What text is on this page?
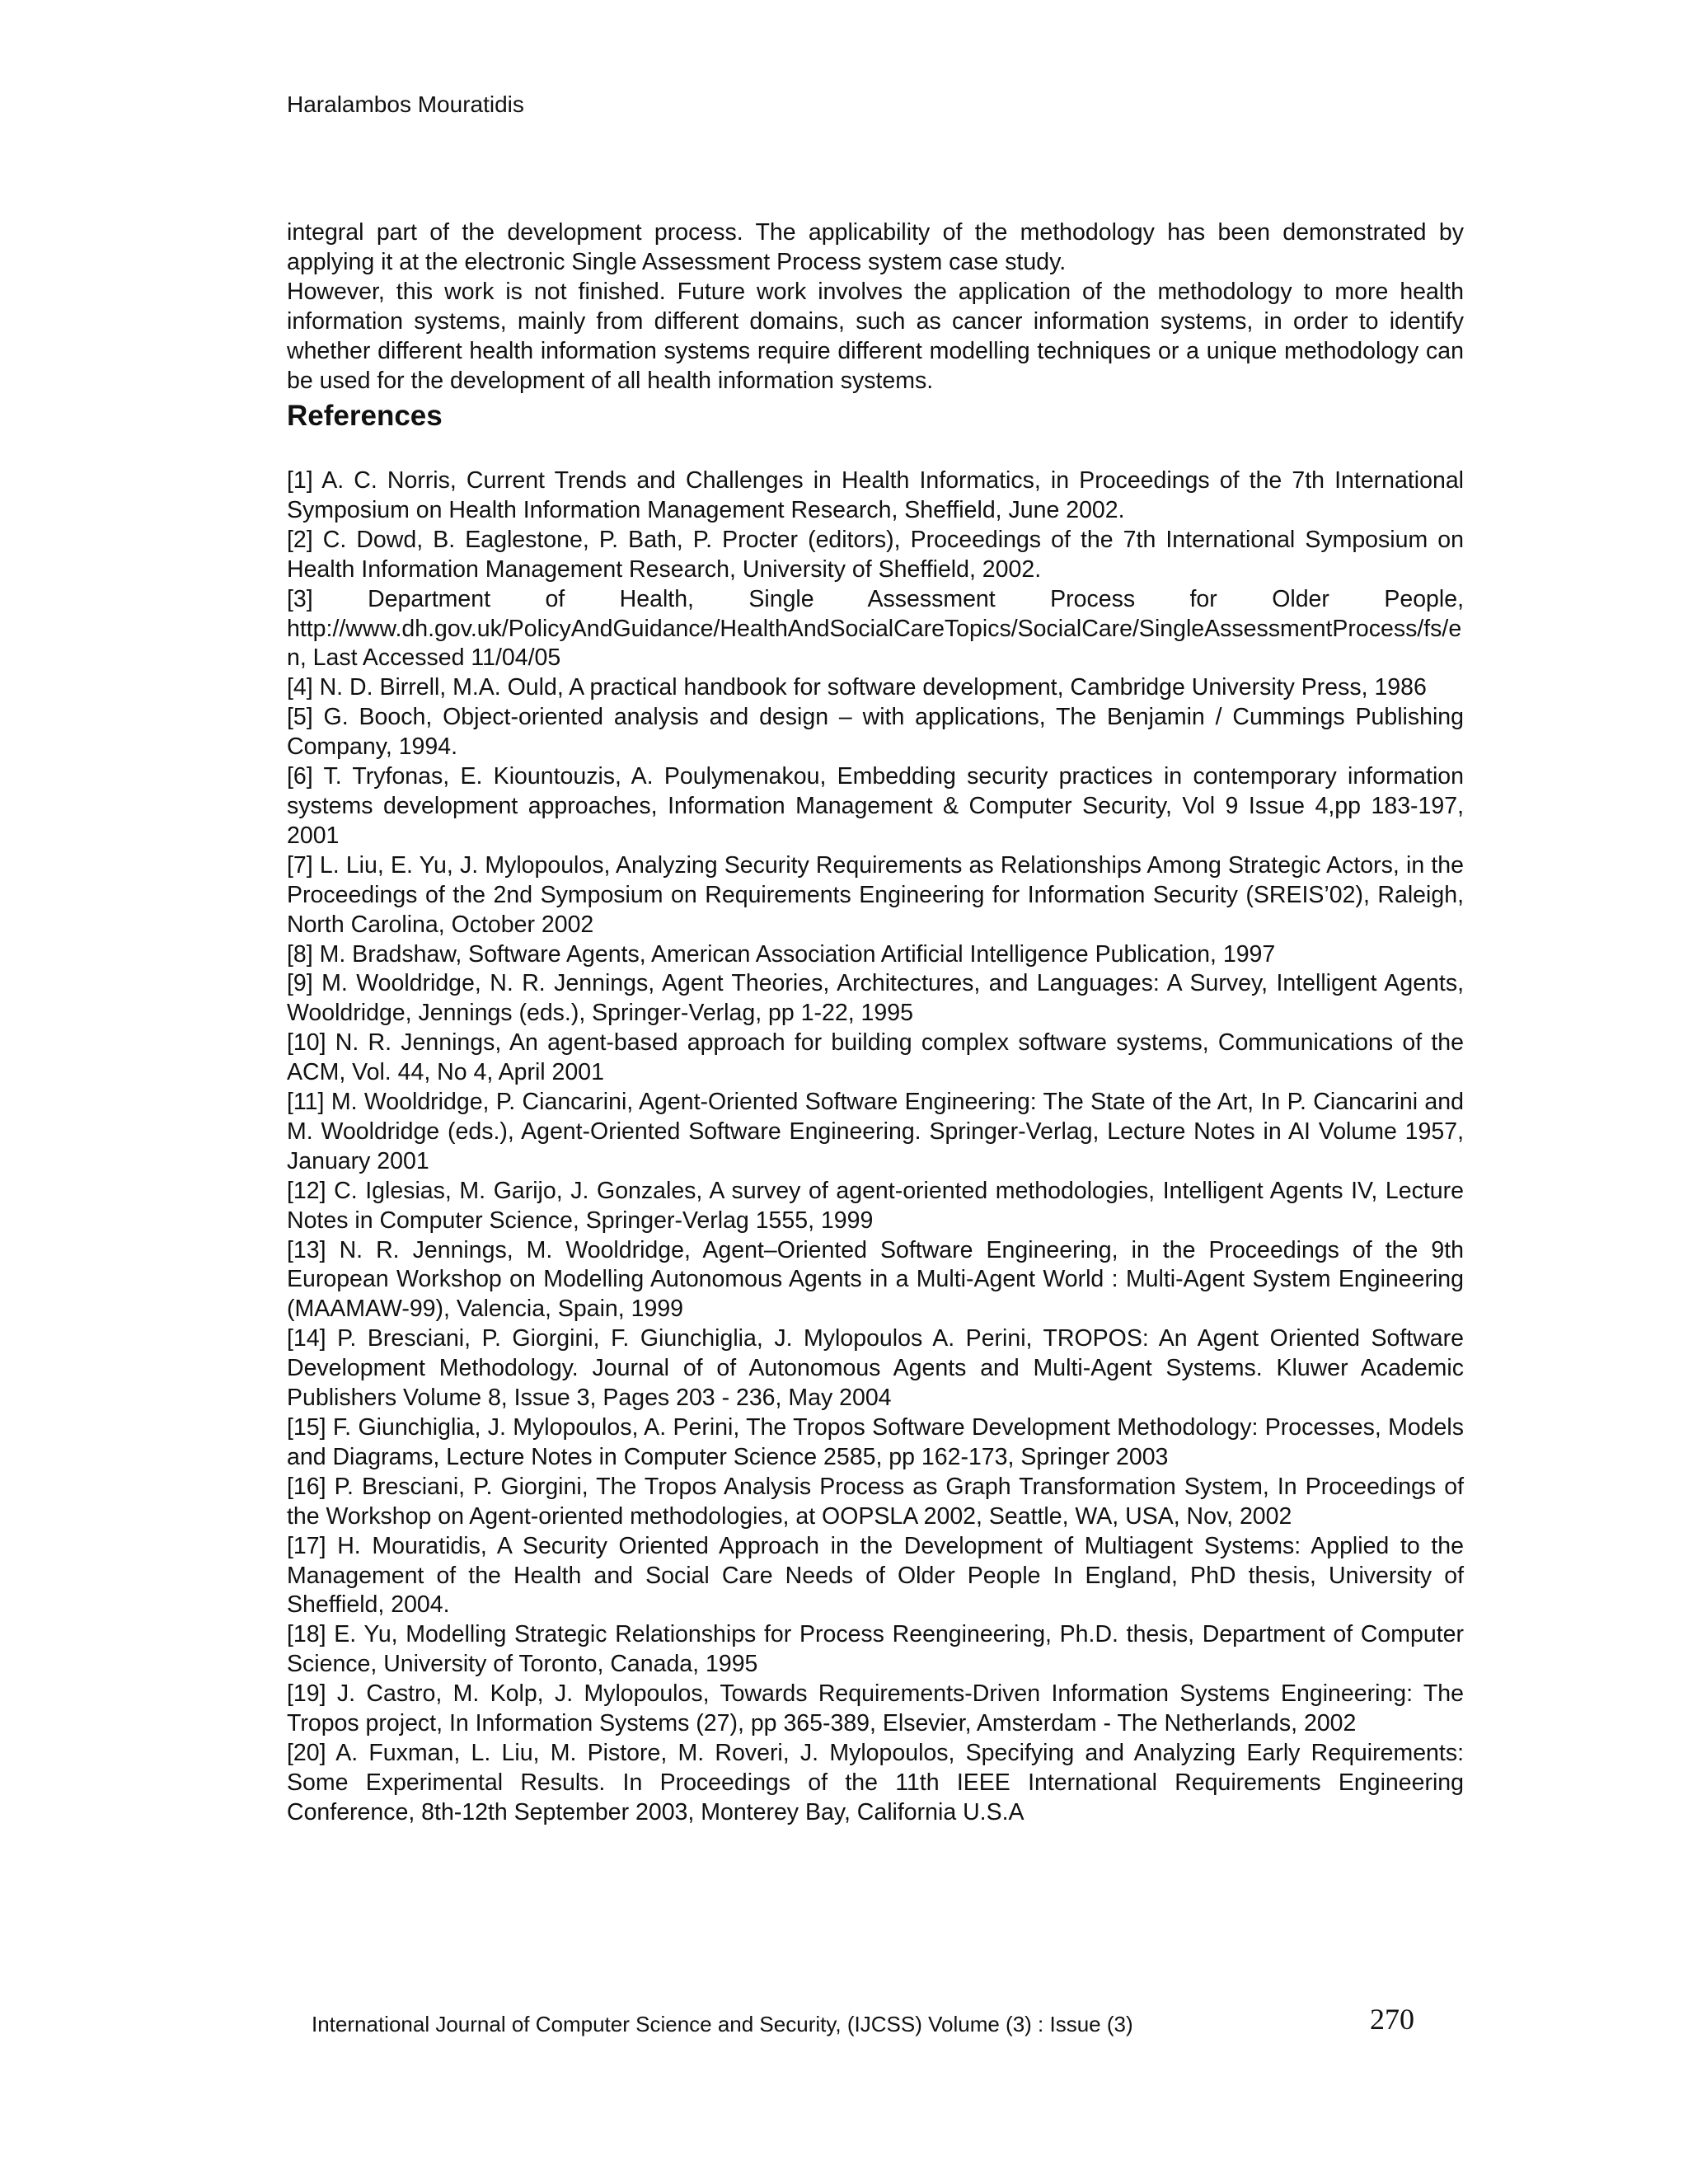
Haralambos Mouratidis

integral part of the development process. The applicability of the methodology has been demonstrated by applying it at the electronic Single Assessment Process system case study.

However, this work is not finished. Future work involves the application of the methodology to more health information systems, mainly from different domains, such as cancer information systems, in order to identify whether different health information systems require different modelling techniques or a unique methodology can be used for the development of all health information systems.

References

[1] A. C. Norris, Current Trends and Challenges in Health Informatics, in Proceedings of the 7th International Symposium on Health Information Management Research, Sheffield, June 2002.

[2] C. Dowd, B. Eaglestone, P. Bath, P. Procter (editors), Proceedings of the 7th International Symposium on Health Information Management Research, University of Sheffield, 2002.

[3] Department of Health, Single Assessment Process for Older People, http://www.dh.gov.uk/PolicyAndGuidance/HealthAndSocialCareTopics/SocialCare/SingleAssessmentProcess/fs/en, Last Accessed 11/04/05

[4] N. D. Birrell, M.A. Ould, A practical handbook for software development, Cambridge University Press, 1986

[5] G. Booch, Object-oriented analysis and design – with applications, The Benjamin / Cummings Publishing Company, 1994.

[6] T. Tryfonas, E. Kiountouzis, A. Poulymenakou, Embedding security practices in contemporary information systems development approaches, Information Management & Computer Security, Vol 9 Issue 4,pp 183-197, 2001

[7] L. Liu, E. Yu, J. Mylopoulos, Analyzing Security Requirements as Relationships Among Strategic Actors, in the Proceedings of the 2nd Symposium on Requirements Engineering for Information Security (SREIS’02), Raleigh, North Carolina, October 2002

[8] M. Bradshaw, Software Agents, American Association Artificial Intelligence Publication, 1997

[9] M. Wooldridge, N. R. Jennings, Agent Theories, Architectures, and Languages: A Survey, Intelligent Agents, Wooldridge, Jennings (eds.), Springer-Verlag, pp 1-22, 1995

[10] N. R. Jennings, An agent-based approach for building complex software systems, Communications of the ACM, Vol. 44, No 4, April 2001

[11] M. Wooldridge, P. Ciancarini, Agent-Oriented Software Engineering: The State of the Art, In P. Ciancarini and M. Wooldridge (eds.), Agent-Oriented Software Engineering. Springer-Verlag, Lecture Notes in AI Volume 1957, January 2001

[12] C. Iglesias, M. Garijo, J. Gonzales, A survey of agent-oriented methodologies, Intelligent Agents IV, Lecture Notes in Computer Science, Springer-Verlag 1555, 1999

[13] N. R. Jennings, M. Wooldridge, Agent–Oriented Software Engineering, in the Proceedings of the 9th European Workshop on Modelling Autonomous Agents in a Multi-Agent World : Multi-Agent System Engineering (MAAMAW-99), Valencia, Spain, 1999

[14] P. Bresciani, P. Giorgini, F. Giunchiglia, J. Mylopoulos A. Perini, TROPOS: An Agent Oriented Software Development Methodology. Journal of of Autonomous Agents and Multi-Agent Systems. Kluwer Academic Publishers Volume 8, Issue 3, Pages 203 - 236, May 2004

[15] F. Giunchiglia, J. Mylopoulos, A. Perini, The Tropos Software Development Methodology: Processes, Models and Diagrams, Lecture Notes in Computer Science 2585, pp 162-173, Springer 2003

[16] P. Bresciani, P. Giorgini, The Tropos Analysis Process as Graph Transformation System, In Proceedings of the Workshop on Agent-oriented methodologies, at OOPSLA 2002, Seattle, WA, USA, Nov, 2002

[17] H. Mouratidis, A Security Oriented Approach in the Development of Multiagent Systems: Applied to the Management of the Health and Social Care Needs of Older People In England, PhD thesis, University of Sheffield, 2004.

[18] E. Yu, Modelling Strategic Relationships for Process Reengineering, Ph.D. thesis, Department of Computer Science, University of Toronto, Canada, 1995

[19] J. Castro, M. Kolp, J. Mylopoulos, Towards Requirements-Driven Information Systems Engineering: The Tropos project, In Information Systems (27), pp 365-389, Elsevier, Amsterdam - The Netherlands, 2002

[20] A. Fuxman, L. Liu, M. Pistore, M. Roveri, J. Mylopoulos, Specifying and Analyzing Early Requirements: Some Experimental Results. In Proceedings of the 11th IEEE International Requirements Engineering Conference, 8th-12th September 2003, Monterey Bay, California U.S.A

International Journal of Computer Science and Security, (IJCSS) Volume (3) : Issue (3)	270
